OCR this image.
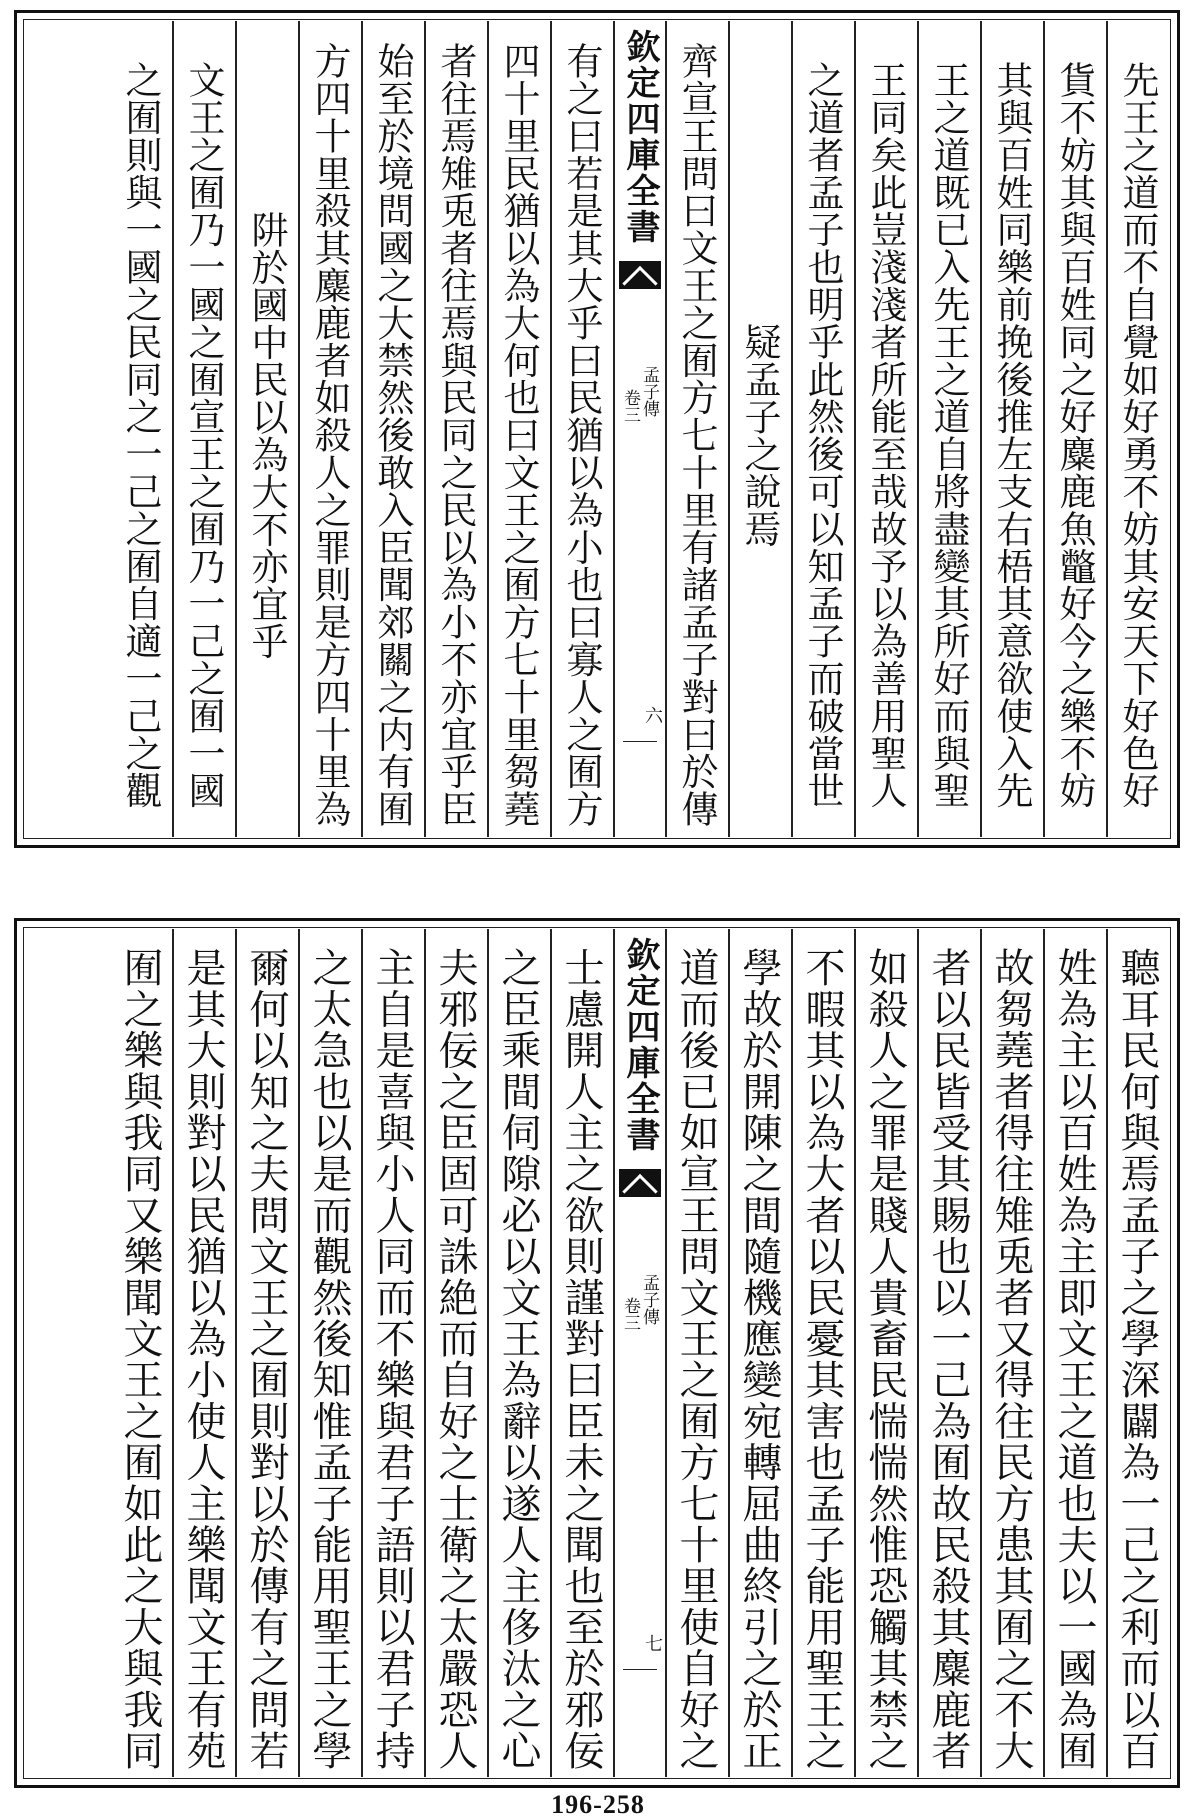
先王之道而不自覺如好勇不妨其安天下好色好
貨不妨其與百姓同之好麋鹿魚鼈好今之樂不妨
其與百姓同樂前挽後推左支右梧其意欲使入先
王之道既已入先王之道自將盡變其所好而與聖
王同矣此豈淺淺者所能至哉故予以為善用聖人
之道者孟子也明乎此然後可以知孟子而破當世
疑孟子之說焉
齊宣王問曰文王之囿方七十里有諸孟子對曰於傳
欽定四庫全書
孟子傳
卷三
六
有之曰若是其大乎曰民猶以為小也曰寡人之囿方
四十里民猶以為大何也曰文王之囿方七十里芻蕘
者往焉雉兎者往焉與民同之民以為小不亦宜乎臣
始至於境問國之大禁然後敢入臣聞郊關之内有囿
方四十里殺其麋鹿者如殺人之罪則是方四十里為
阱於國中民以為大不亦宜乎
文王之囿乃一國之囿宣王之囿乃一己之囿一國
之囿則與一國之民同之一己之囿自適一己之觀
聽耳民何與焉孟子之學深闢為一己之利而以百
姓為主以百姓為主即文王之道也夫以一國為囿
故芻蕘者得往雉兎者又得往民方患其囿之不大
者以民皆受其賜也以一己為囿故民殺其麋鹿者
如殺人之罪是賤人貴畜民惴惴然惟恐觸其禁之
不暇其以為大者以民憂其害也孟子能用聖王之
學故於開陳之間隨機應變宛轉屈曲終引之於正
道而後已如宣王問文王之囿方七十里使自好之
欽定四庫全書
孟子傳
卷三
七
士慮開人主之欲則謹對曰臣未之聞也至於邪佞
之臣乘間伺隙必以文王為辭以遂人主侈汰之心
夫邪佞之臣固可誅絶而自好之士衛之太嚴恐人
主自是喜與小人同而不樂與君子語則以君子持
之太急也以是而觀然後知惟孟子能用聖王之學
爾何以知之夫問文王之囿則對以於傳有之問若
是其大則對以民猶以為小使人主樂聞文王有苑
囿之樂與我同又樂聞文王之囿如此之大與我同
196-258
